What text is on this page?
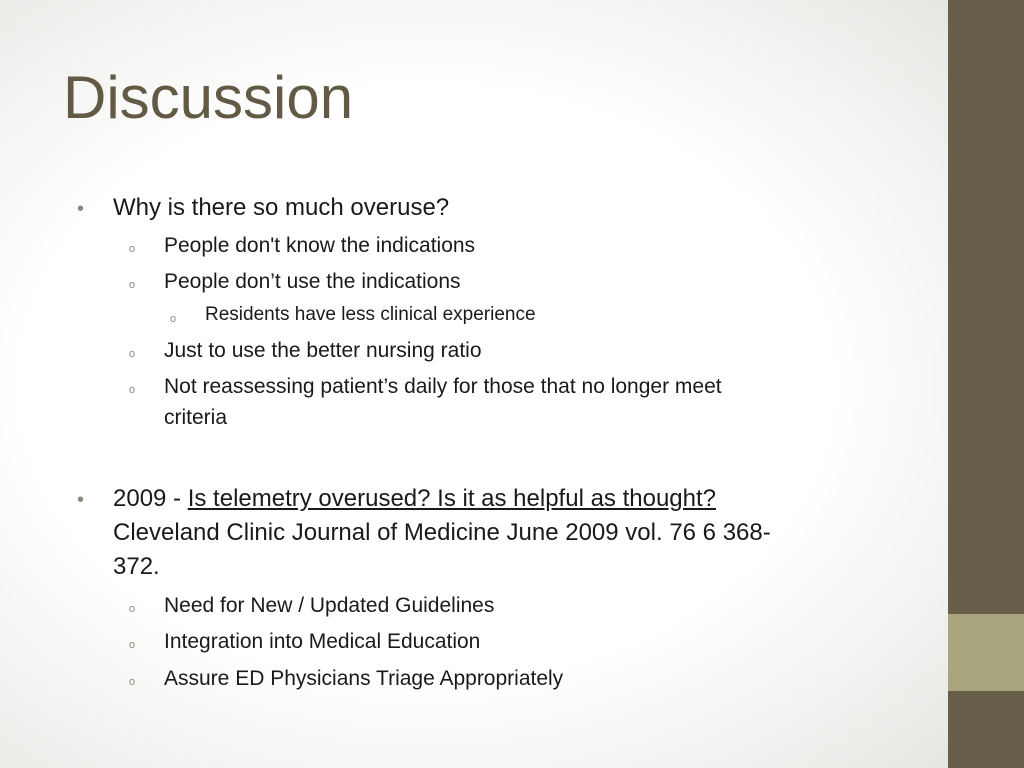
Discussion
• Why is there so much overuse?
o People don't know the indications
o People don’t use the indications
o Residents have less clinical experience
o Just to use the better nursing ratio
o Not reassessing patient’s daily for those that no longer meet
criteria
• 2009 - Is telemetry overused? Is it as helpful as thought?
Cleveland Clinic Journal of Medicine June 2009 vol. 76 6 368-
372.
o Need for New / Updated Guidelines
o Integration into Medical Education
o Assure ED Physicians Triage Appropriately
